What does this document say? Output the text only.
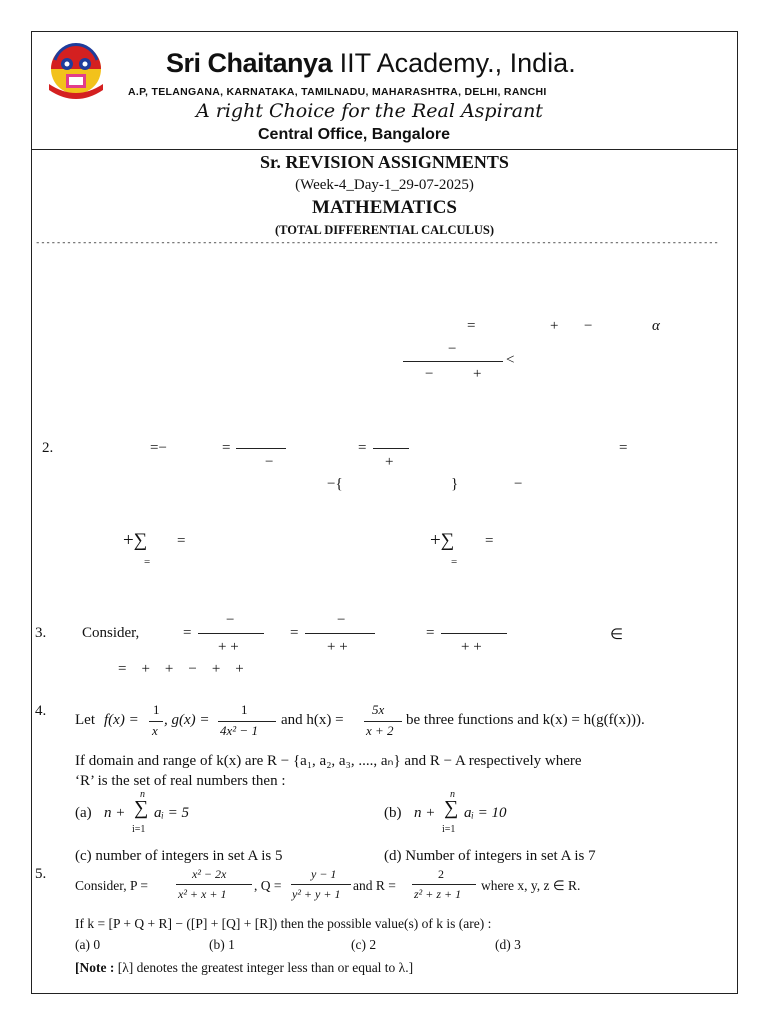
Sri Chaitanya IIT Academy., India.
A.P, TELANGANA, KARNATAKA, TAMILNADU, MAHARASHTRA, DELHI, RANCHI
A right Choice for the Real Aspirant
Central Office, Bangalore
Sr. REVISION ASSIGNMENTS
(Week-4_Day-1_29-07-2025)
MATHEMATICS
(TOTAL DIFFERENTIAL CALCULUS)
-----------------------------------------------------------------------------------------------------------------------------------
=	+ −	α
−
<
−	+
2.	=−	=
−
=
+
=
−{	}	−
+∑ =
=
+∑ =
=
3. Consider,	=
−
+ +
=
−
+ +
=
+ +
∈
=    +    +    −    +    +
4.
Let f(x) =
1
x
, g(x) =
1
4x² − 1
and h(x) =
5x
x + 2
be three functions and k(x) = h(g(f(x))).
If domain and range of k(x) are R − {a₁, a₂, a₃, ...., aₙ} and R − A respectively where
‘R’ is the set of real numbers then :
(a) n +
n
∑
i=1
aᵢ = 5	(b) n +
n
∑
i=1
aᵢ = 10
(c) number of integers in set A is 5	(d) Number of integers in set A is 7
5.
Consider, P =
x² − 2x
x² + x + 1
, Q =
y − 1
y² + y + 1
and R =
2
z² + z + 1
where x, y, z ∈ R.
If k = [P + Q + R] − ([P] + [Q] + [R]) then the possible value(s) of k is (are) :
(a) 0	(b) 1	(c) 2	(d) 3
[Note : [λ] denotes the greatest integer less than or equal to λ.]
